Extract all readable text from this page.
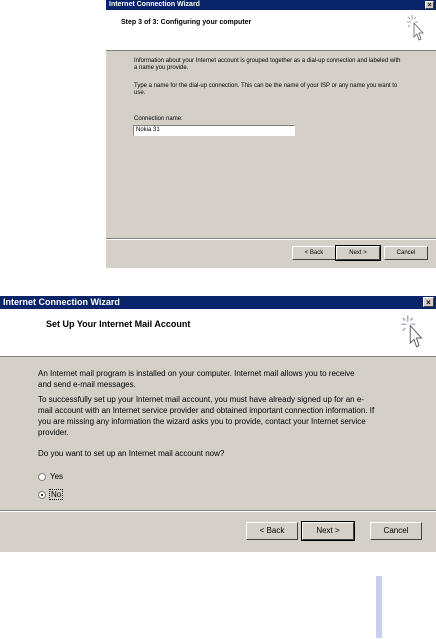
Internet Connection Wizard	×
Step 3 of 3: Configuring your computer
Information about your Internet account is grouped together as a dial-up connection and labeled with a name you provide.
Type a name for the dial-up connection. This can be the name of your ISP or any name you want to use.
Connection name:
Nokia 31
< Back	Next >	Cancel
Internet Connection Wizard	×
Set Up Your Internet Mail Account
An Internet mail program is installed on your computer. Internet mail allows you to receive and send e-mail messages.
To successfully set up your Internet mail account, you must have already signed up for an e-mail account with an Internet service provider and obtained important connection information. If you are missing any information the wizard asks you to provide, contact your Internet service provider.
Do you want to set up an Internet mail account now?
Yes
No
< Back	Next >	Cancel
